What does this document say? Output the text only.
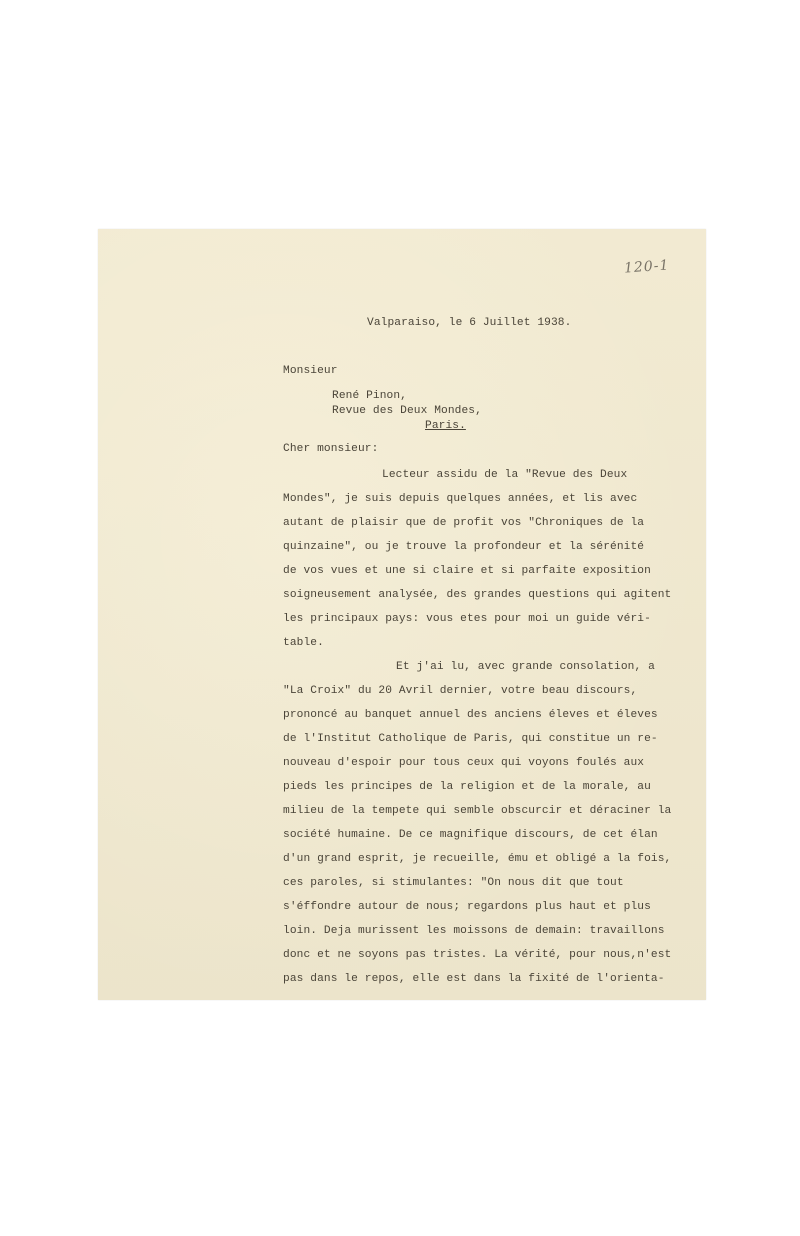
120-1
Valparaiso, le 6 Juillet 1938.
Monsieur
René Pinon,
Revue des Deux Mondes,
Paris.
Cher monsieur:
Lecteur assidu de la "Revue des Deux
Mondes", je suis depuis quelques années, et lis avec
autant de plaisir que de profit vos "Chroniques de la
quinzaine", ou je trouve la profondeur et la sérénité
de vos vues et une si claire et si parfaite exposition
soigneusement analysée, des grandes questions qui agitent
les principaux pays: vous etes pour moi un guide véri-
table.
Et j'ai lu, avec grande consolation, a
"La Croix" du 20 Avril dernier, votre beau discours,
prononcé au banquet annuel des anciens éleves et éleves
de l'Institut Catholique de Paris, qui constitue un re-
nouveau d'espoir pour tous ceux qui voyons foulés aux
pieds les principes de la religion et de la morale, au
milieu de la tempete qui semble obscurcir et déraciner la
société humaine. De ce magnifique discours, de cet élan
d'un grand esprit, je recueille, ému et obligé a la fois,
ces paroles, si stimulantes: "On nous dit que tout
s'éffondre autour de nous; regardons plus haut et plus
loin. Deja murissent les moissons de demain: travaillons
donc et ne soyons pas tristes. La vérité, pour nous,n'est
pas dans le repos, elle est dans la fixité de l'orienta-
